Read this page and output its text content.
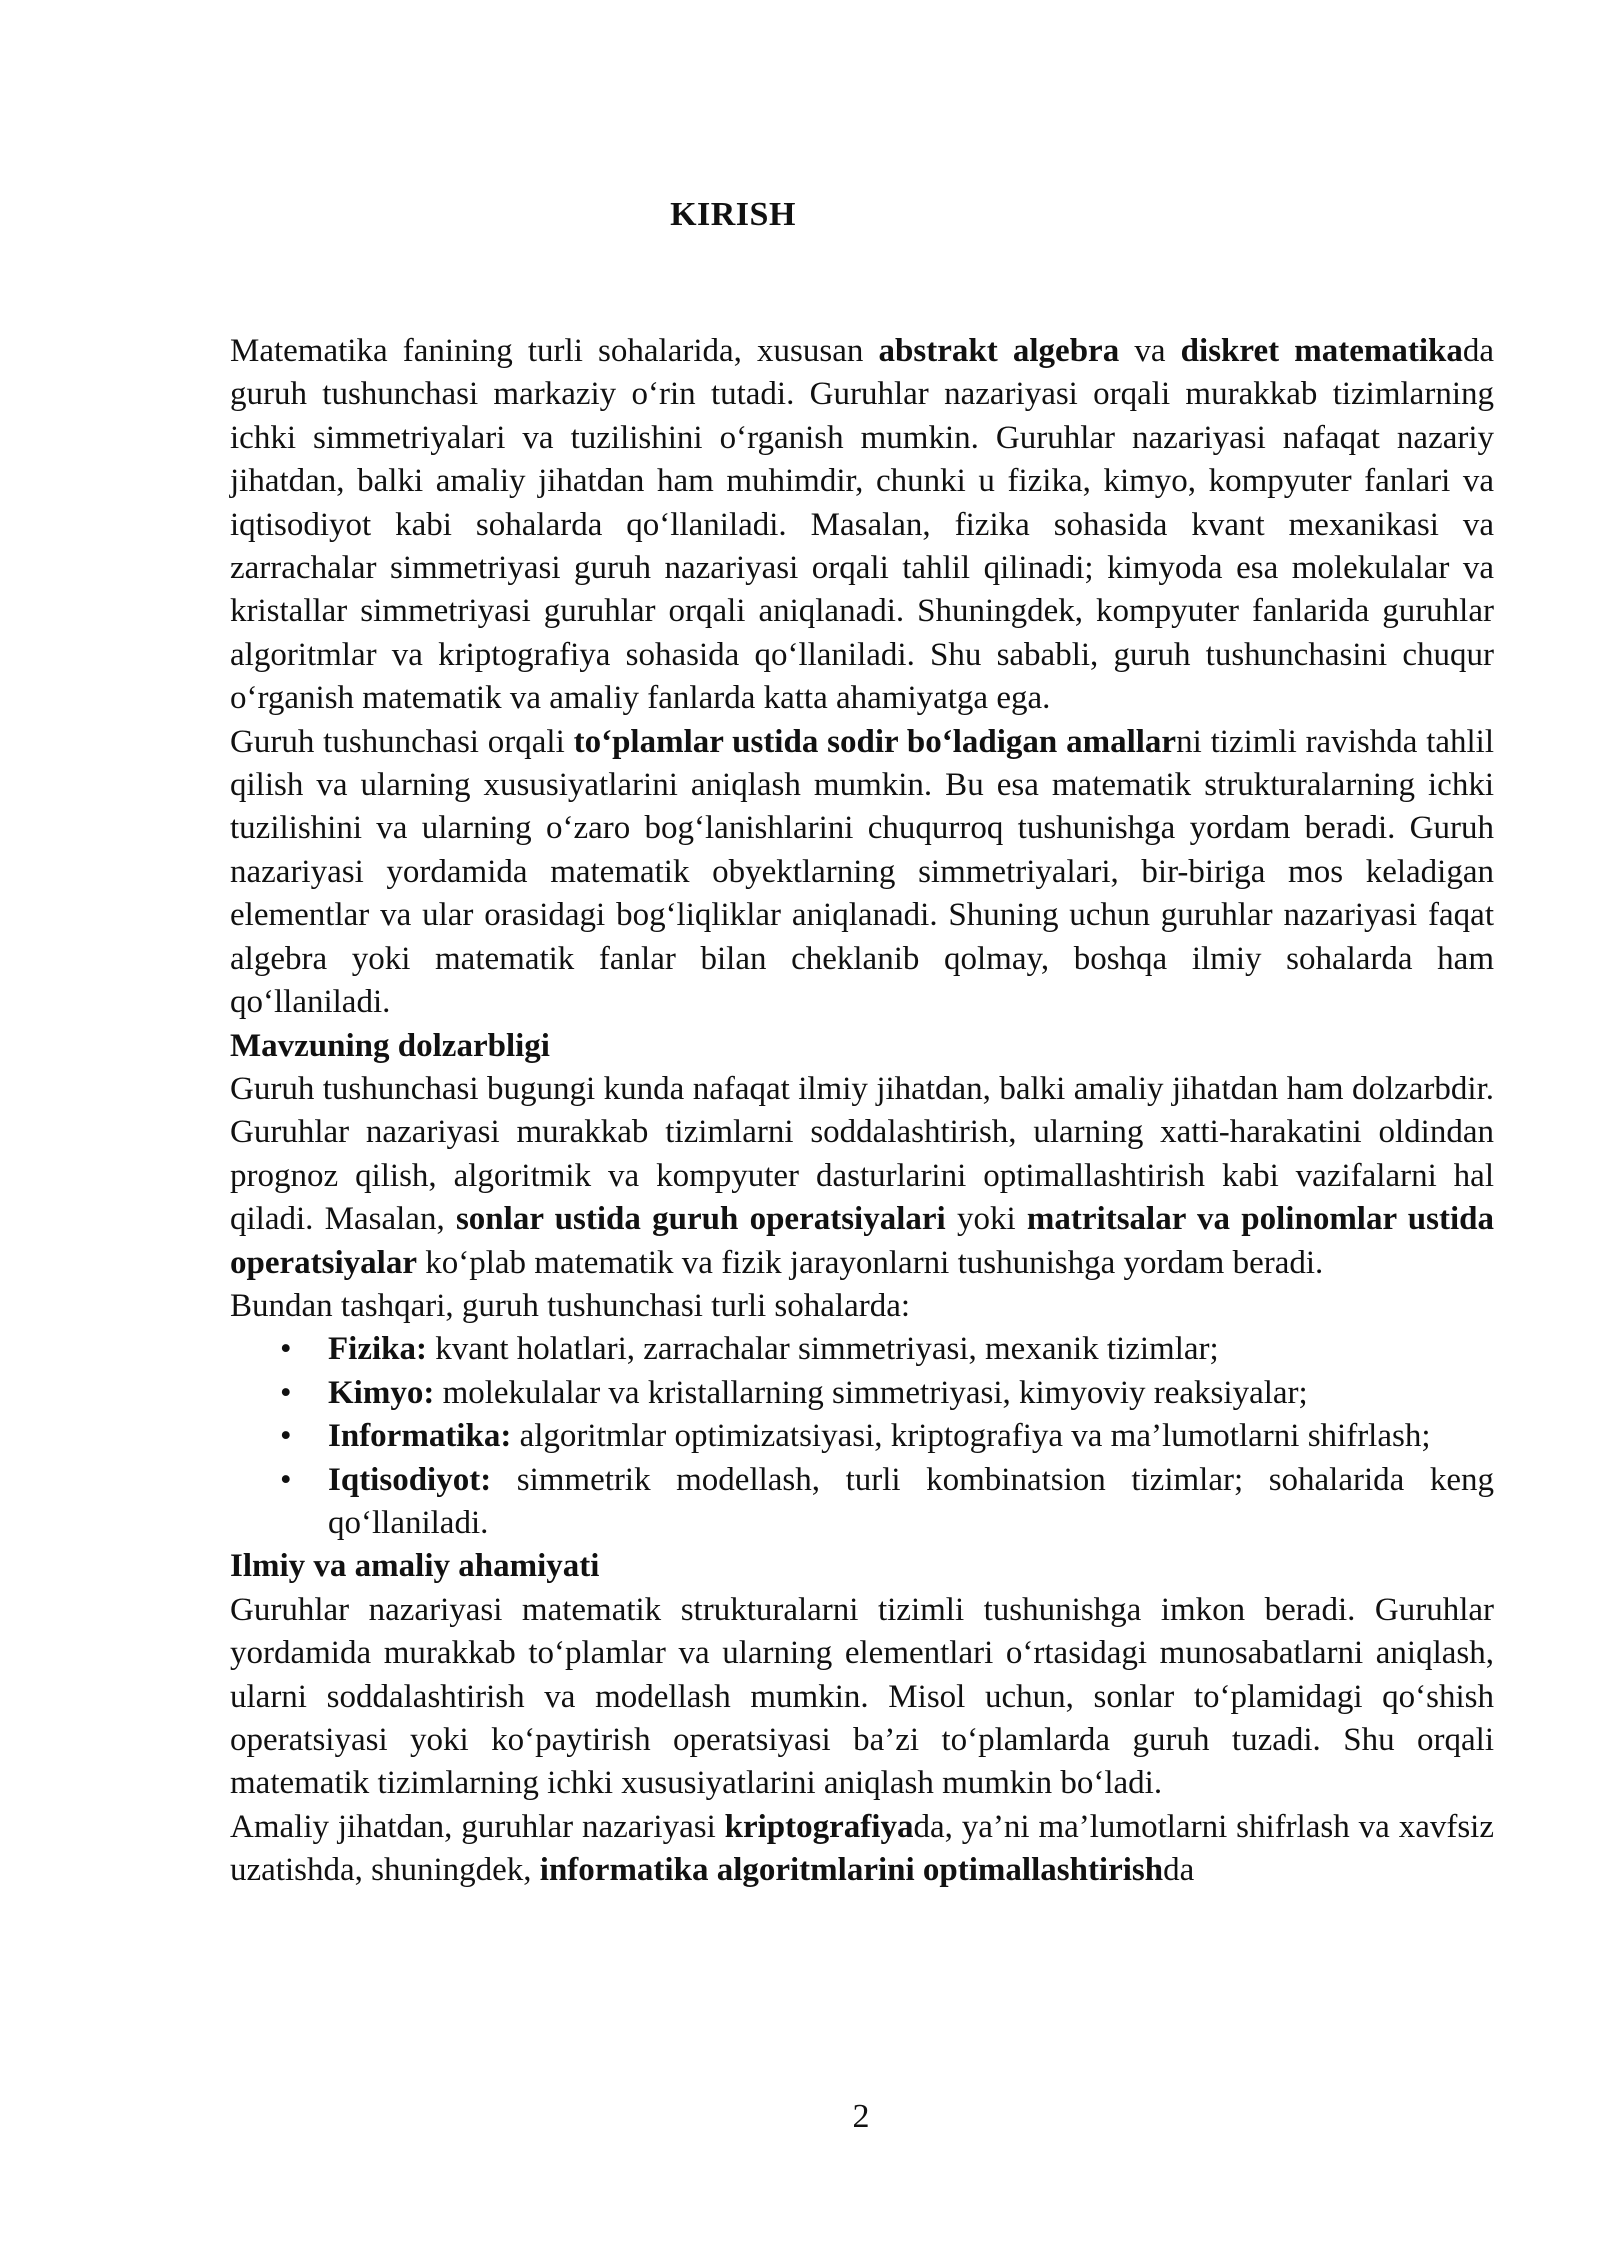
KIRISH

Matematika fanining turli sohalarida, xususan abstrakt algebra va diskret matematikada guruh tushunchasi markaziy o‘rin tutadi. Guruhlar nazariyasi orqali murakkab tizimlarning ichki simmetriyalari va tuzilishini o‘rganish mumkin. Guruhlar nazariyasi nafaqat nazariy jihatdan, balki amaliy jihatdan ham muhimdir, chunki u fizika, kimyo, kompyuter fanlari va iqtisodiyot kabi sohalarda qo‘llaniladi. Masalan, fizika sohasida kvant mexanikasi va zarrachalar simmetriyasi guruh nazariyasi orqali tahlil qilinadi; kimyoda esa molekulalar va kristallar simmetriyasi guruhlar orqali aniqlanadi. Shuningdek, kompyuter fanlarida guruhlar algoritmlar va kriptografiya sohasida qo‘llaniladi. Shu sababli, guruh tushunchasini chuqur o‘rganish matematik va amaliy fanlarda katta ahamiyatga ega.

Guruh tushunchasi orqali to‘plamlar ustida sodir bo‘ladigan amallarni tizimli ravishda tahlil qilish va ularning xususiyatlarini aniqlash mumkin. Bu esa matematik strukturalarning ichki tuzilishini va ularning o‘zaro bog‘lanishlarini chuqurroq tushunishga yordam beradi. Guruh nazariyasi yordamida matematik obyektlarning simmetriyalari, bir-biriga mos keladigan elementlar va ular orasidagi bog‘liqliklar aniqlanadi. Shuning uchun guruhlar nazariyasi faqat algebra yoki matematik fanlar bilan cheklanib qolmay, boshqa ilmiy sohalarda ham qo‘llaniladi.

Mavzuning dolzarbligi

Guruh tushunchasi bugungi kunda nafaqat ilmiy jihatdan, balki amaliy jihatdan ham dolzarbdir. Guruhlar nazariyasi murakkab tizimlarni soddalashtirish, ularning xatti-harakatini oldindan prognoz qilish, algoritmik va kompyuter dasturlarini optimallashtirish kabi vazifalarni hal qiladi. Masalan, sonlar ustida guruh operatsiyalari yoki matritsalar va polinomlar ustida operatsiyalar ko‘plab matematik va fizik jarayonlarni tushunishga yordam beradi.

Bundan tashqari, guruh tushunchasi turli sohalarda:

• Fizika: kvant holatlari, zarrachalar simmetriyasi, mexanik tizimlar;
• Kimyo: molekulalar va kristallarning simmetriyasi, kimyoviy reaksiyalar;
• Informatika: algoritmlar optimizatsiyasi, kriptografiya va ma’lumotlarni shifrlash;
• Iqtisodiyot: simmetrik modellash, turli kombinatsion tizimlar; sohalarida keng qo‘llaniladi.
Ilmiy va amaliy ahamiyati

Guruhlar nazariyasi matematik strukturalarni tizimli tushunishga imkon beradi. Guruhlar yordamida murakkab to‘plamlar va ularning elementlari o‘rtasidagi munosabatlarni aniqlash, ularni soddalashtirish va modellash mumkin. Misol uchun, sonlar to‘plamidagi qo‘shish operatsiyasi yoki ko‘paytirish operatsiyasi ba’zi to‘plamlarda guruh tuzadi. Shu orqali matematik tizimlarning ichki xususiyatlarini aniqlash mumkin bo‘ladi.

Amaliy jihatdan, guruhlar nazariyasi kriptografiyada, ya’ni ma’lumotlarni shifrlash va xavfsiz uzatishda, shuningdek, informatika algoritmlarini optimallashtirishda

2
